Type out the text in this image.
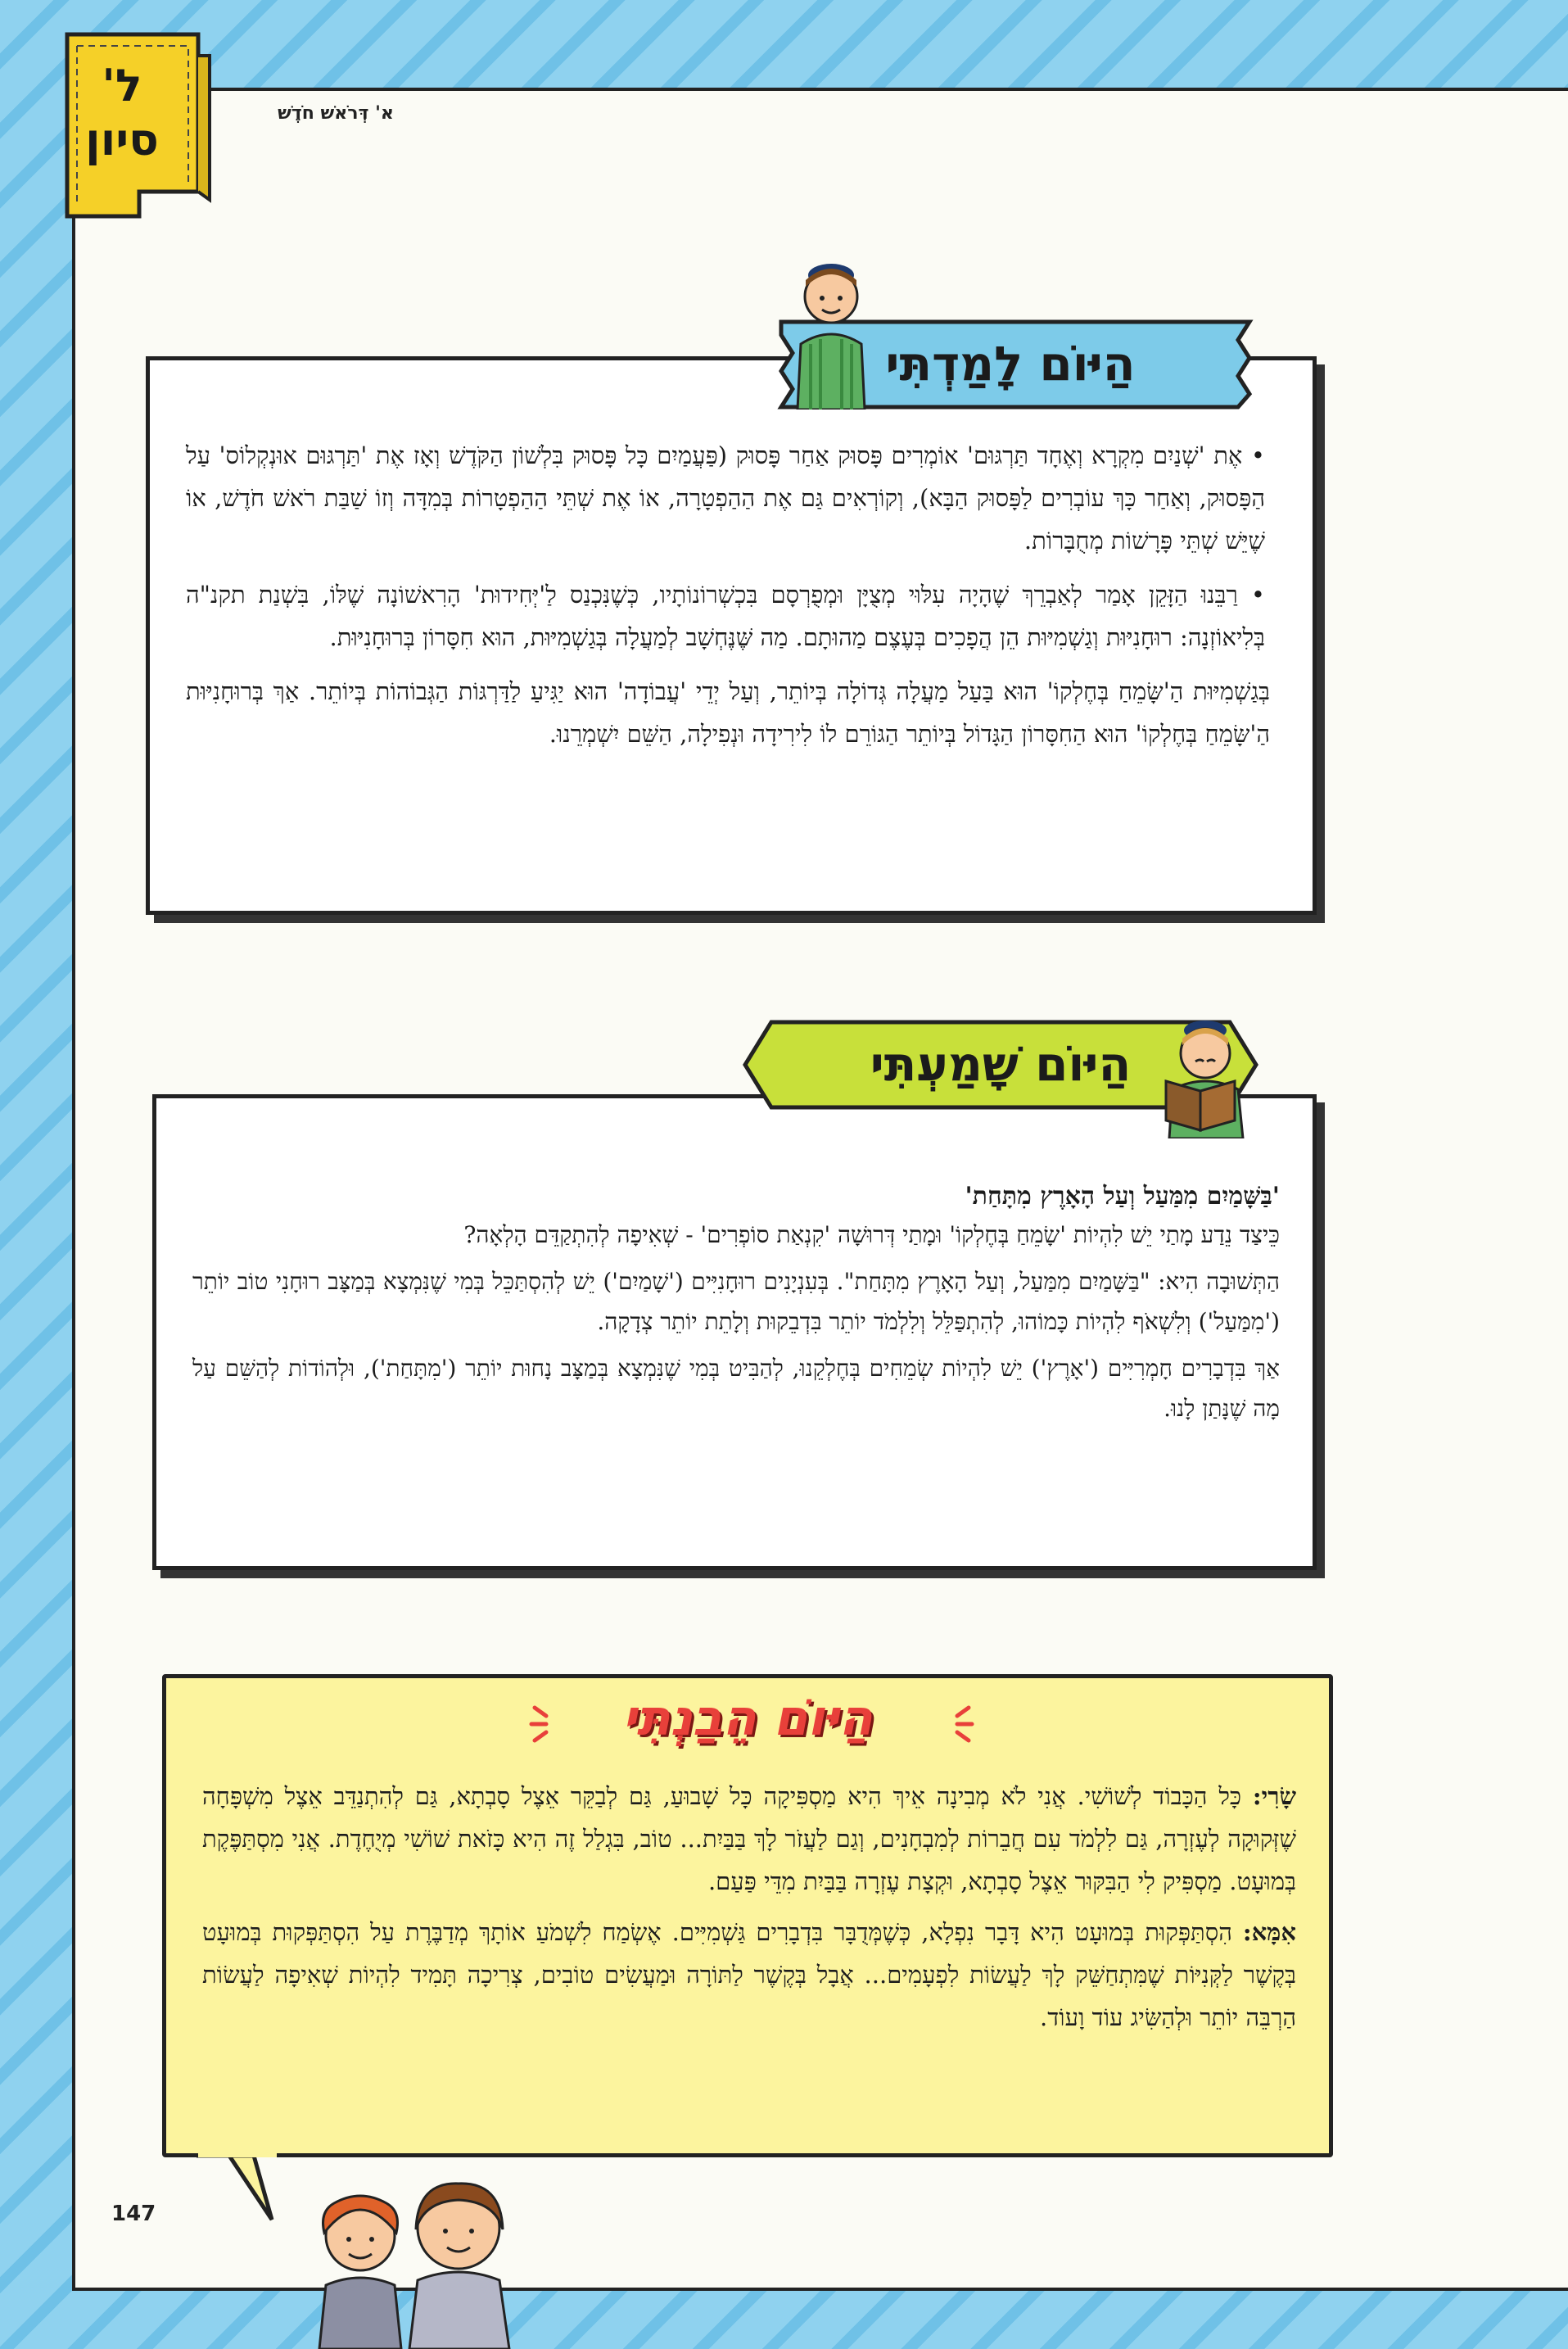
ל'
סיון
א' דְּרֹאשׁ חֹדֶשׁ

• אֶת 'שְׁנַיִם מִקְרָא וְאֶחָד תַּרְגּוּם' אוֹמְרִים פָּסוּק אַחַר פָּסוּק (פַּעֲמַיִם כָּל פָּסוּק בִּלְשׁוֹן הַקֹּדֶשׁ וְאָז אֶת 'תַּרְגּוּם אוּנְקְלוֹס' עַל הַפָּסוּק, וְאַחַר כָּךְ עוֹבְרִים לַפָּסוּק הַבָּא), וְקוֹרְאִים גַּם אֶת הַהַפְטָרָה, אוֹ אֶת שְׁתֵּי הַהַפְטָרוֹת בְּמִדָּה וְזוֹ שַׁבַּת רֹאשׁ חֹדֶשׁ, אוֹ שֶׁיֵּשׁ שְׁתֵּי פָּרָשׁוֹת מְחֻבָּרוֹת.

• רַבֵּנוּ הַזָּקֵן אָמַר לְאַבְרֵךְ שֶׁהָיָה עִלּוּי מְצֻיָּן וּמְפֻרְסָם בִּכְשְׁרוֹנוֹתָיו, כְּשֶׁנִּכְנַס לַ'יְּחִידוּת' הָרִאשׁוֹנָה שֶׁלּוֹ, בִּשְׁנַת תקנ"ה בְּלִיאוֹזְנָה: רוּחָנִיּוּת וְגַשְׁמִיּוּת הֵן הֲפָכִים בְּעֶצֶם מַהוּתָם. מַה שֶּׁנֶּחְשָׁב לְמַעֲלָה בְּגַשְׁמִיּוּת, הוּא חִסָּרוֹן בְּרוּחָנִיּוּת.

בְּגַשְׁמִיּוּת הַ'שָּׂמֵחַ בְּחֶלְקוֹ' הוּא בַּעַל מַעֲלָה גְּדוֹלָה בְּיוֹתֵר, וְעַל יְדֵי 'עֲבוֹדָה' הוּא יַגִּיעַ לַדַּרְגּוֹת הַגְּבוֹהוֹת בְּיוֹתֵר. אַךְ בְּרוּחָנִיּוּת הַ'שָּׂמֵחַ בְּחֶלְקוֹ' הוּא הַחִסָּרוֹן הַגָּדוֹל בְּיוֹתֵר הַגּוֹרֵם לוֹ לִירִידָה וּנְפִילָה, הַשֵּׁם יִשְׁמְרֵנוּ.

הַיּוֹם לָמַדְתִּי

'בַּשָּׁמַיִם מִמַּעַל וְעַל הָאָרֶץ מִתָּחַת'

כֵּיצַד נֵדַע מָתַי יֵשׁ לִהְיוֹת 'שָׂמֵחַ בְּחֶלְקוֹ' וּמָתַי דְּרוּשָׁה 'קִנְאַת סוֹפְרִים' - שְׁאִיפָה לְהִתְקַדֵּם הָלְאָה?

הַתְּשׁוּבָה הִיא: "בַּשָּׁמַיִם מִמַּעַל, וְעַל הָאָרֶץ מִתָּחַת". בְּעִנְיָנִים רוּחָנִיִּים ('שָׁמַיִם') יֵשׁ לְהִסְתַּכֵּל בְּמִי שֶׁנִּמְצָא בְּמַצָּב רוּחָנִי טוֹב יוֹתֵר ('מִמַּעַל') וְלִשְׁאֹף לִהְיוֹת כָּמוֹהוּ, לְהִתְפַּלֵּל וְלִלְמֹד יוֹתֵר בִּדְבֵקוּת וְלָתֵת יוֹתֵר צְדָקָה.

אַךְ בִּדְבָרִים חָמְרִיִּים ('אָרֶץ') יֵשׁ לִהְיוֹת שְׂמֵחִים בְּחֶלְקֵנוּ, לְהַבִּיט בְּמִי שֶׁנִּמְצָא בְּמַצָּב נָחוּת יוֹתֵר ('מִתָּחַת'), וּלְהוֹדוֹת לְהַשֵּׁם עַל מָה שֶׁנָּתַן לָנוּ.

הַיּוֹם שָׁמַעְתִּי
הַיּוֹם הֵבַנְתִּי

שָׂרִי: כָּל הַכָּבוֹד לְשׁוֹשִׁי. אֲנִי לֹא מְבִינָה אֵיךְ הִיא מַסְפִּיקָה כָּל שָׁבוּעַ, גַּם לְבַקֵּר אֵצֶל סָבְתָא, גַּם לְהִתְנַדֵּב אֵצֶל מִשְׁפָּחָה שֶׁזְּקוּקָה לְעֶזְרָה, גַּם לִלְמֹד עִם חֲבֵרוֹת לְמִבְחָנִים, וְגַם לַעֲזֹר לָךְ בַּבַּיִת... טוֹב, בִּגְלַל זֶה הִיא כָּזֹאת שׁוֹשִׁי מְיֻחֶדֶת. אֲנִי מִסְתַּפֶּקֶת בְּמוּעָט. מַסְפִּיק לִי הַבִּקּוּר אֵצֶל סָבְתָא, וּקְצָת עֶזְרָה בַּבַּיִת מִדֵּי פַּעַם.

אִמָּא: הִסְתַּפְּקוּת בְּמוּעָט הִיא דָּבָר נִפְלָא, כְּשֶׁמְּדֻבָּר בִּדְבָרִים גַּשְׁמִיִּים. אֶשְׂמַח לִשְׁמֹעַ אוֹתָךְ מְדַבֶּרֶת עַל הִסְתַּפְּקוּת בְּמוּעָט בְּקֶשֶׁר לַקְּנִיּוֹת שֶׁמִּתְחַשֵּׁק לָךְ לַעֲשׂוֹת לִפְעָמִים... אֲבָל בְּקֶשֶׁר לַתּוֹרָה וּמַעֲשִׂים טוֹבִים, צְרִיכָה תָּמִיד לִהְיוֹת שְׁאִיפָה לַעֲשׂוֹת הַרְבֵּה יוֹתֵר וּלְהַשִּׂיג עוֹד וָעוֹד.

147
